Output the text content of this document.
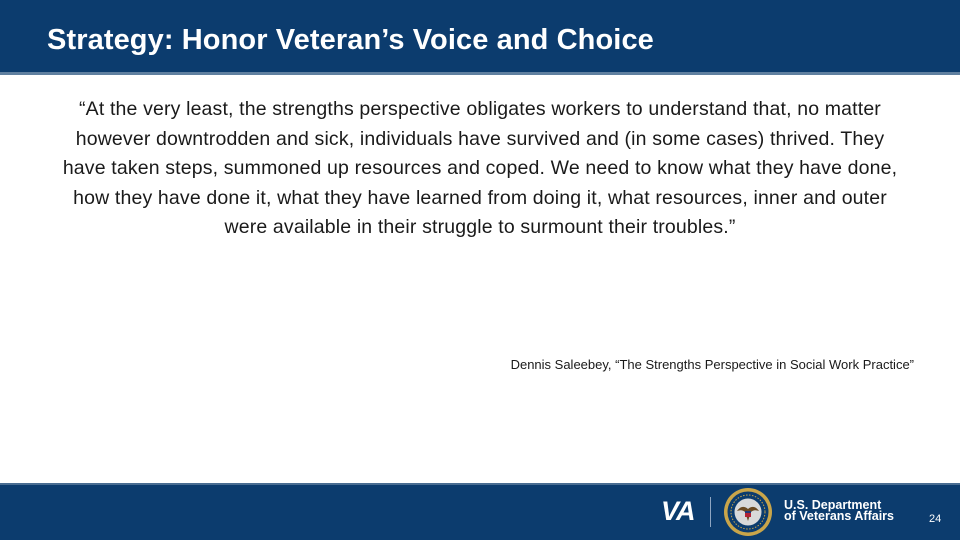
Strategy: Honor Veteran’s Voice and Choice
“At the very least, the strengths perspective obligates workers to understand that, no matter however downtrodden and sick, individuals have survived and (in some cases) thrived. They have taken steps, summoned up resources and coped. We need to know what they have done, how they have done it, what they have learned from doing it, what resources, inner and outer were available in their struggle to surmount their troubles.”
Dennis Saleebey, “The Strengths Perspective in Social Work Practice”
VA	U.S. Department
of Veterans Affairs	24
